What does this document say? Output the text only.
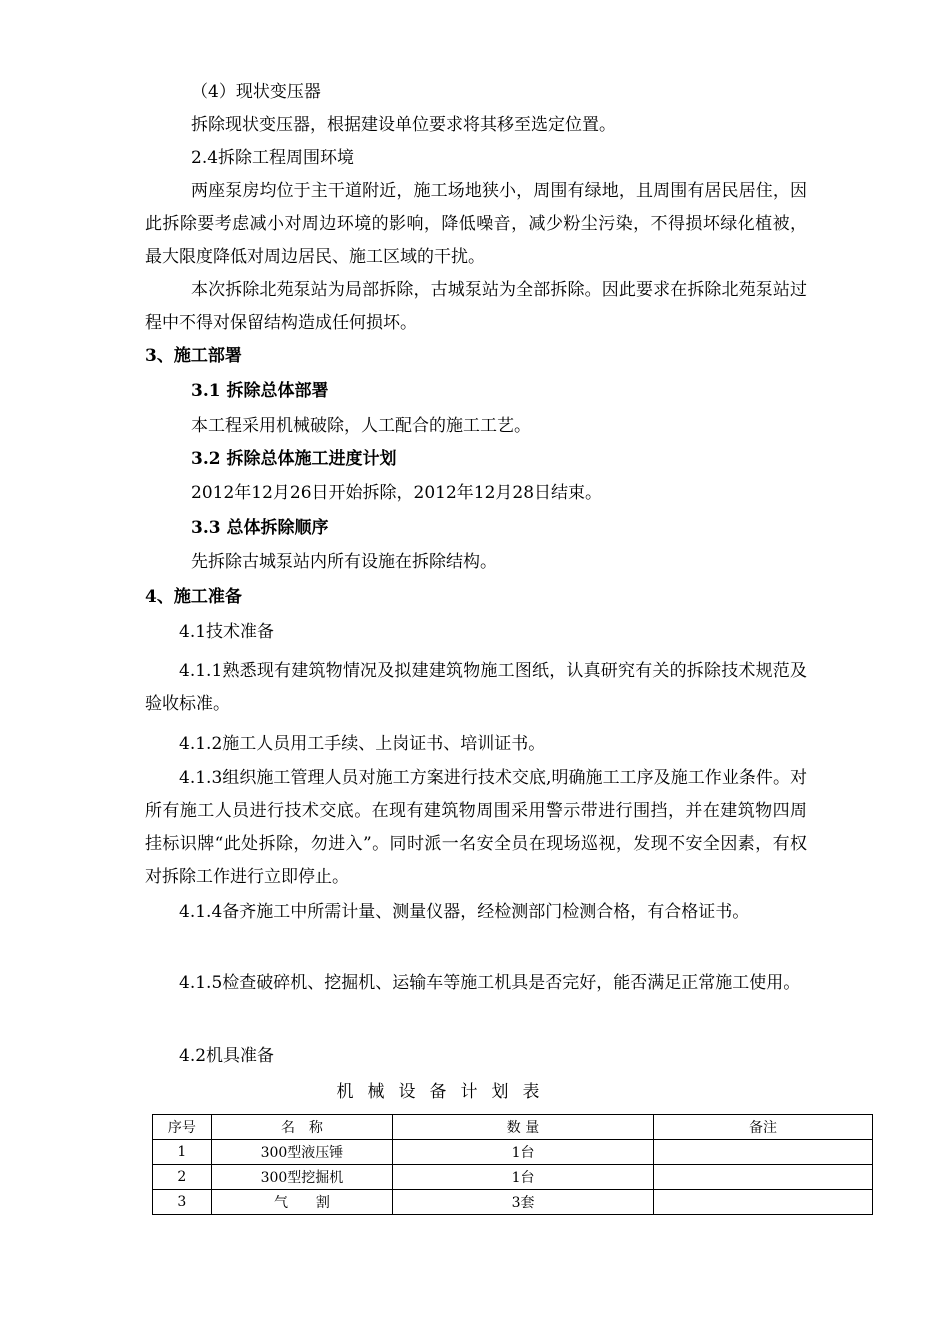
（4）现状变压器

拆除现状变压器，根据建设单位要求将其移至选定位置。

2.4拆除工程周围环境

两座泵房均位于主干道附近，施工场地狭小，周围有绿地，且周围有居民居住，因此拆除要考虑减小对周边环境的影响，降低噪音，减少粉尘污染，不得损坏绿化植被，最大限度降低对周边居民、施工区域的干扰。

本次拆除北苑泵站为局部拆除，古城泵站为全部拆除。因此要求在拆除北苑泵站过程中不得对保留结构造成任何损坏。

3、施工部署

3.1 拆除总体部署

本工程采用机械破除，人工配合的施工工艺。

3.2 拆除总体施工进度计划

2012年12月26日开始拆除，2012年12月28日结束。

3.3 总体拆除顺序

先拆除古城泵站内所有设施在拆除结构。

4、施工准备

4.1技术准备

4.1.1熟悉现有建筑物情况及拟建建筑物施工图纸，认真研究有关的拆除技术规范及验收标准。

4.1.2施工人员用工手续、上岗证书、培训证书。

4.1.3组织施工管理人员对施工方案进行技术交底,明确施工工序及施工作业条件。对所有施工人员进行技术交底。在现有建筑物周围采用警示带进行围挡，并在建筑物四周挂标识牌“此处拆除，勿进入”。同时派一名安全员在现场巡视，发现不安全因素，有权对拆除工作进行立即停止。

4.1.4备齐施工中所需计量、测量仪器，经检测部门检测合格，有合格证书。

4.1.5检查破碎机、挖掘机、运输车等施工机具是否完好，能否满足正常施工使用。

4.2机具准备

机械设备计划表

序号	名　称	数 量	备注
1	300型液压锤	1台	
2	300型挖掘机	1台	
3	气　　割	3套	
